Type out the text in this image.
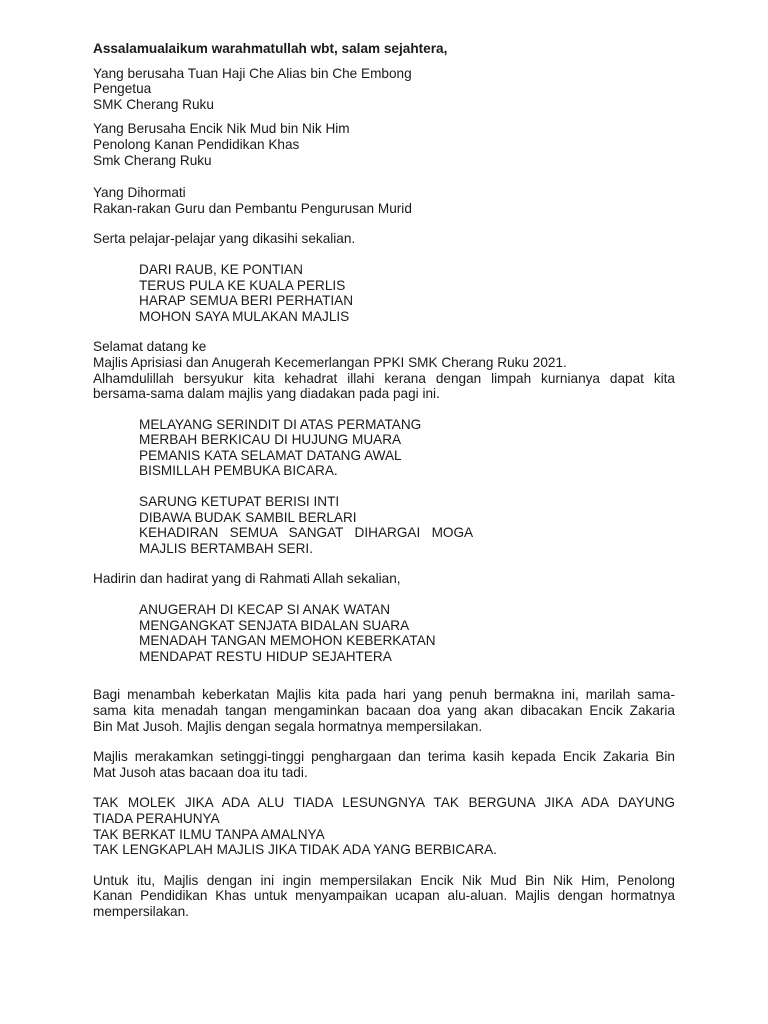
Assalamualaikum warahmatullah wbt, salam sejahtera,
Yang berusaha Tuan Haji Che Alias bin Che Embong
Pengetua
SMK Cherang Ruku
Yang Berusaha Encik Nik Mud bin Nik Him
Penolong Kanan Pendidikan Khas
Smk Cherang Ruku
Yang Dihormati
Rakan-rakan Guru dan Pembantu Pengurusan Murid
Serta pelajar-pelajar yang dikasihi sekalian.
DARI RAUB, KE PONTIAN
TERUS PULA KE KUALA PERLIS
HARAP SEMUA BERI PERHATIAN
MOHON SAYA MULAKAN MAJLIS
Selamat datang ke
Majlis Aprisiasi dan Anugerah Kecemerlangan PPKI SMK Cherang Ruku 2021.
Alhamdulillah bersyukur kita kehadrat illahi kerana dengan limpah kurnianya dapat kita
bersama-sama dalam majlis yang diadakan pada pagi ini.
MELAYANG SERINDIT DI ATAS PERMATANG
MERBAH BERKICAU DI HUJUNG MUARA
PEMANIS KATA SELAMAT DATANG AWAL
BISMILLAH PEMBUKA BICARA.
SARUNG KETUPAT BERISI INTI
DIBAWA BUDAK SAMBIL BERLARI
KEHADIRAN   SEMUA   SANGAT   DIHARGAI   MOGA
MAJLIS BERTAMBAH SERI.
Hadirin dan hadirat yang di Rahmati Allah sekalian,
ANUGERAH DI KECAP SI ANAK WATAN
MENGANGKAT SENJATA BIDALAN SUARA
MENADAH TANGAN MEMOHON KEBERKATAN
MENDAPAT RESTU HIDUP SEJAHTERA
Bagi menambah keberkatan Majlis kita pada hari yang penuh bermakna ini, marilah sama-
sama kita menadah tangan mengaminkan bacaan doa yang akan dibacakan Encik Zakaria
Bin Mat Jusoh. Majlis dengan segala hormatnya mempersilakan.
Majlis merakamkan setinggi-tinggi penghargaan dan terima kasih kepada Encik Zakaria Bin
Mat Jusoh atas bacaan doa itu tadi.
TAK MOLEK JIKA ADA ALU TIADA LESUNGNYA TAK BERGUNA JIKA ADA DAYUNG
TIADA PERAHUNYA
TAK BERKAT ILMU TANPA AMALNYA
TAK LENGKAPLAH MAJLIS JIKA TIDAK ADA YANG BERBICARA.
Untuk itu, Majlis dengan ini ingin mempersilakan Encik Nik Mud Bin Nik Him, Penolong
Kanan Pendidikan Khas untuk menyampaikan ucapan alu-aluan. Majlis dengan hormatnya
mempersilakan.
